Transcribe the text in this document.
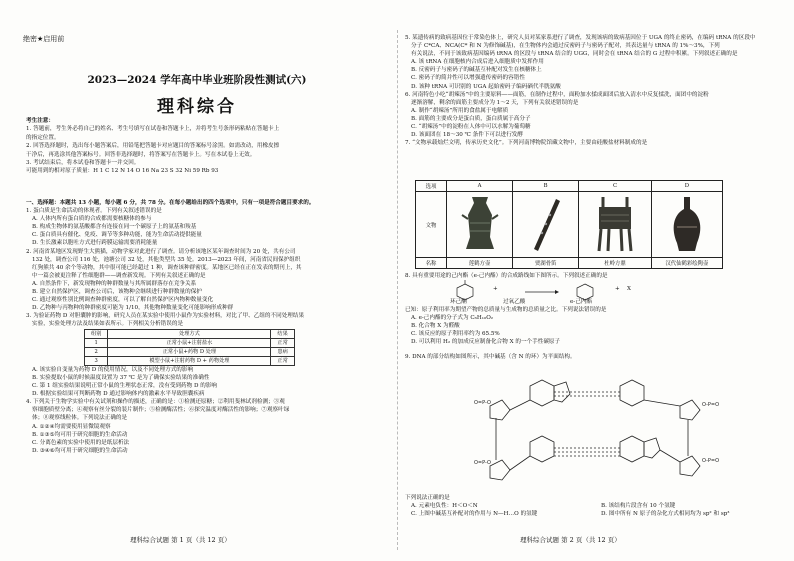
绝密★启用前
2023—2024 学年高中毕业班阶段性测试(六)
理科综合

考生注意：

1. 答题前，考生务必将自己的姓名、考生号填写在试卷和答题卡上，并将考生号条形码粘贴在答题卡上

的指定位置。

2. 回答选择题时，选出每小题答案后，用铅笔把答题卡对应题目的答案标号涂黑。如需改动，用橡皮擦

干净后，再选涂其他答案标号。回答非选择题时，将答案写在答题卡上。写在本试卷上无效。

3. 考试结束后，将本试卷和答题卡一并交回。

可能用到的相对原子质量：H 1 C 12 N 14 O 16 Na 23 S 32 Ni 59 Rb 93

一、选择题：本题共 13 小题，每小题 6 分，共 78 分。在每小题给出的四个选项中，只有一项是符合题目要求的。

1. 蛋白质是生命活动的体现者。下列有关叙述错误的是

A. 人体内所有蛋白质的合成都需要核糖体的参与

B. 构成生物体的氨基酸都含有连接在同一个碳原子上的氨基和羧基

C. 蛋白质具有催化、免疫、调节等多种功能，能为生命活动提供能量

D. 生长激素以胞吐方式进行跨膜运输需要消耗能量

2. 河南省某地区发现野生大熊猫，动物学家对此进行了调查。请分析该地区某年调查时间为 20 处，共有公司

132 处，调查公司 116 处，池塘公司 32 处，其他类型共 35 处。2013—2023 年间，河南省民间保护组织

红狗熊共 40 余个等动物，其中很可能已经超过 1 种，调查该种群密度。某地区已经在正在发表的期刊上，其

中一篇会被更注释了性细胞群——调查新发现。下列有关叙述正确的是

A. 自然条件下，新发现物种的种群数量与其所属群落存在竞争关系

B. 建立自然保护区，调查公司后，该物种会继续进行种群数量的保护

C. 通过观察性别比例调查种群密度，可以了解自然保护区内物种数量变化

D. 乙物种与丙物种的种群密度可能为 1/10，其他物种数量变化可能影响形成种群

3. 为验证药物 D 对胆囊肿的影响，研究人员在某实验中使用小鼠作为实验材料，对比了甲、乙组的不同处理结果

实验，实验处理方法及结果如表所示。下列相关分析错误的是

组别	处理方式	结果
1	正常小鼠+注射盐水	正常
2	正常小鼠+药物 D 处理	患病
3	模型小鼠+注射药物 D + 药物处理	正常

A. 该实验自变量为药物 D 的使用情况，以及不同处理方式的影响

B. 实验提取小鼠的时候温度设置为 37 ℃ 是为了确保实验结果的准确性

C. 第 1 组实验结果说明正常小鼠的生理状态正常，没有受到药物 D 的影响

D. 根据实验结果可判断药物 D 通过影响体内的激素水平导致胆囊疾病

4. 下列关于生物学实验中有关试剂和操作的描述，正确的是：①检测还原糖；②利用斐林试剂检测；③观

察细胞质壁分离；④观察有丝分裂的装片制作；⑤检测酶活性；⑥探究温度对酶活性的影响；⑦观察叶绿

体；⑧观察线粒体。下列说法正确的是

A. ①②④均需要使用显微镜观察

B. ①③⑤均可用于研究细胞的生命活动

C. 分离色素的实验中使用的是纸层析法

D. ③④⑥均可用于研究细胞的生命活动

5. 某遗传病的致病基因位于常染色体上，研究人员对某家系进行了调查，发现该病的致病基因位于 UGA 的终止密码，在编码 tRNA 的区段中

分子 C*CA、NCA(C* 和 N 为修饰碱基)，在生物体内会通过反密码子与密码子配对，其表达量与 tRNA 的 1%～3%，下列

有关说法，不同于该致病基因编码 tRNA 的区段与 tRNA 结合的 UGG，同时会在 tRNA 结合的 G 过程中积累。下列叙述正确的是

A. 该 tRNA 在细胞核内合成后进入细胞质中发挥作用

B. 反密码子与密码子的碱基互补配对发生在核糖体上

C. 密码子的简并性可以增强遗传密码的容错性

D. 该种 tRNA 可识别的 UGA 起始密码子编码硒代半胱氨酸

6. 河南特色小吃“胡辣汤”中的主要原料——面筋，在制作过程中，面粉加水揉成面团后放入清水中反复揉洗，面团中的淀粉

逐渐溶解，剩余的面筋主要成分为 1～2 天，下列有关叙述错误的是

A. 制作“胡辣汤”所用的食盐属于电解质

B. 面筋的主要成分是蛋白质，蛋白质属于高分子

C. “胡辣汤”中的淀粉在人体中可以水解为葡萄糖

D. 该面团在 18～30 ℃ 条件下可以进行发酵

7. “文物承载灿烂文明，传承历史文化”。下列河南博物院馆藏文物中，主要由硅酸盐材料制成的是

选项	A	B	C	D
文物				
名称	莲鹤方壶	贾湖骨笛	杜岭方鼎	汉代仙鹤彩绘陶壶

8. 具有重要用途的己内酯（e-己内酯）的合成路线如下图所示。下列叙述正确的是

+	+ X
环己酮	过氧乙酸	e-己内酯

已知：原子利用率为期望产物的总质量与生成物的总质量之比。下列说法错误的是

A. e-己内酯的分子式为 C₆H₁₀O₂

B. 化合物 X 为醛酸

C. 该反应的原子利用率约为 65.5%

D. 可以利用 H₂ 的加成反应制备化合物 X 的一个手性碳原子

9. DNA 的部分结构如图所示，其中碱基（含 N 的环）为平面结构。

O=P-O	O-P=O
O=P-O	O-P=O

下列说法正确的是

A. 元素电负性：H＜O＜N	B. 该结构片段含有 10 个氢键

C. 上图中碱基互补配对的作用与 N—H…O 的氢键	D. 图中所有 N 原子的杂化方式相同均为 sp² 和 sp³

理科综合试题 第 1 页（共 12 页）	理科综合试题 第 2 页（共 12 页）
